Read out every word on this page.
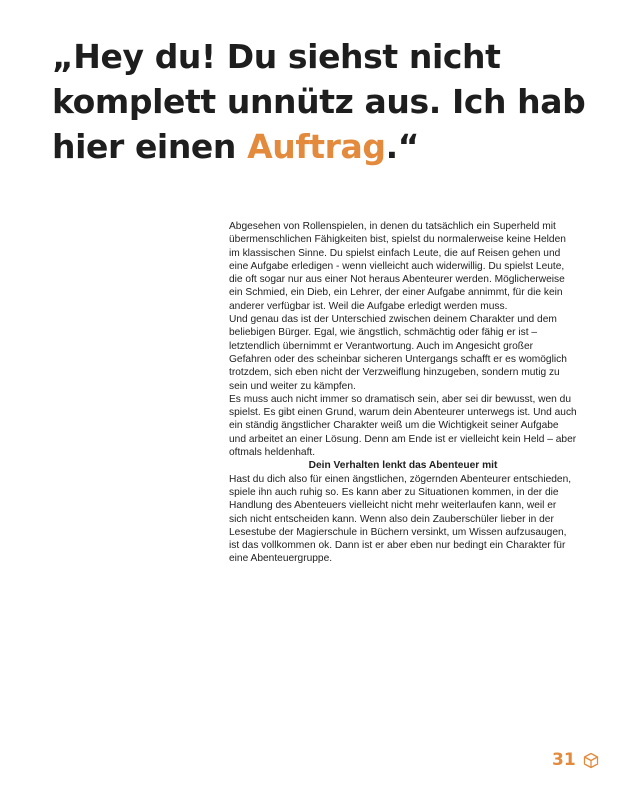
„Hey du! Du siehst nicht komplett unnütz aus. Ich hab hier einen Auftrag.“

Abgesehen von Rollenspielen, in denen du tatsächlich ein Superheld mit übermenschlichen Fähigkeiten bist, spielst du normalerweise keine Helden im klassischen Sinne. Du spielst einfach Leute, die auf Reisen gehen und eine Aufgabe erledigen - wenn vielleicht auch widerwillig. Du spielst Leute, die oft sogar nur aus einer Not heraus Abenteurer werden. Möglicherweise ein Schmied, ein Dieb, ein Lehrer, der einer Aufgabe annimmt, für die kein anderer verfügbar ist. Weil die Aufgabe erledigt werden muss.

Und genau das ist der Unterschied zwischen deinem Charakter und dem beliebigen Bürger. Egal, wie ängstlich, schmächtig oder fähig er ist – letztendlich übernimmt er Verantwortung. Auch im Angesicht großer Gefahren oder des scheinbar sicheren Untergangs schafft er es womöglich trotzdem, sich eben nicht der Verzweiflung hinzugeben, sondern mutig zu sein und weiter zu kämpfen.

Es muss auch nicht immer so dramatisch sein, aber sei dir bewusst, wen du spielst. Es gibt einen Grund, warum dein Abenteurer unterwegs ist. Und auch ein ständig ängstlicher Charakter weiß um die Wichtigkeit seiner Aufgabe und arbeitet an einer Lösung. Denn am Ende ist er vielleicht kein Held – aber oftmals heldenhaft.

Dein Verhalten lenkt das Abenteuer mit

Hast du dich also für einen ängstlichen, zögernden Abenteurer entschieden, spiele ihn auch ruhig so. Es kann aber zu Situationen kommen, in der die Handlung des Abenteuers vielleicht nicht mehr weiterlaufen kann, weil er sich nicht entscheiden kann. Wenn also dein Zauberschüler lieber in der Lesestube der Magierschule in Büchern versinkt, um Wissen aufzusaugen, ist das vollkommen ok. Dann ist er aber eben nur bedingt ein Charakter für eine Abenteuergruppe.

31
